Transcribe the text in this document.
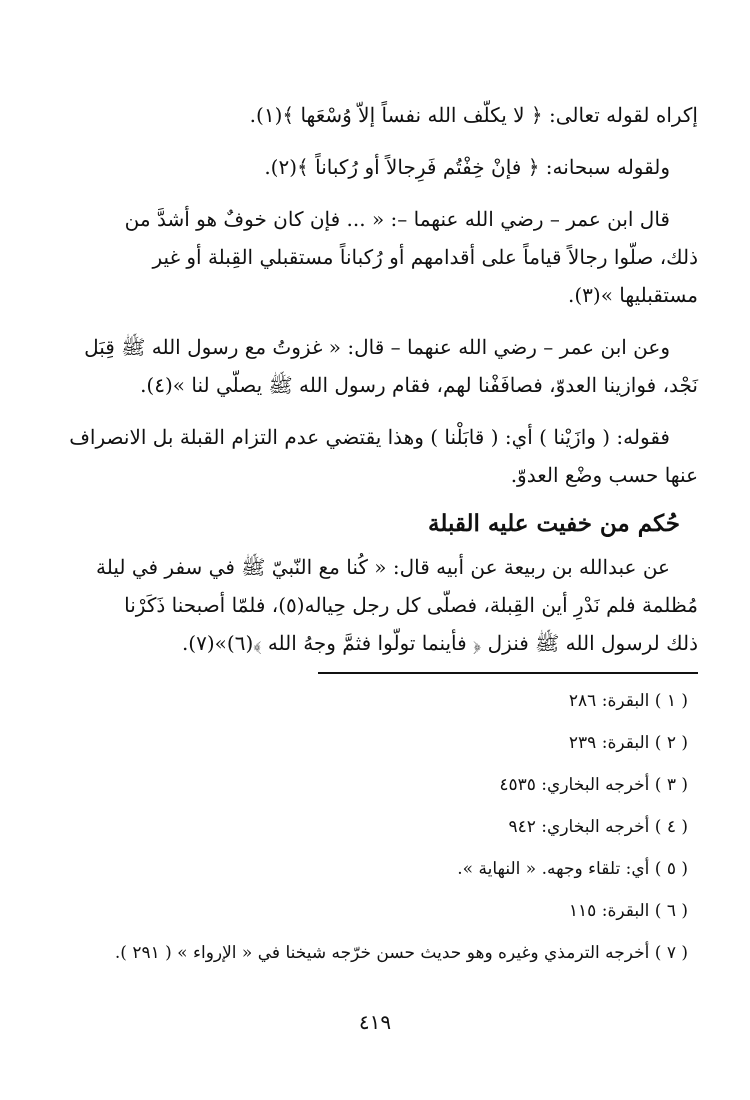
إكراه لقوله تعالى: ﴿ لا يكلّف الله نفساً إلاّ وُسْعَها ﴾(١).
ولقوله سبحانه: ﴿ فإنْ خِفْتُم فَرِجالاً أو رُكباناً ﴾(٢).
قال ابن عمر – رضي الله عنهما –: « ... فإن كان خوفٌ هو أشدَّ من
ذلك، صلّوا رجالاً قياماً على أقدامهم أو رُكباناً مستقبلي القِبلة أو غير
مستقبليها »(٣).
وعن ابن عمر – رضي الله عنهما – قال: « غزوتُ مع رسول الله ﷺ قِبَل
نَجْد، فوازينا العدوّ، فصافَفْنا لهم، فقام رسول الله ﷺ يصلّي لنا »(٤).
فقوله: ( وازَيْنا ) أي: ( قابَلْنا ) وهذا يقتضي عدم التزام القبلة بل الانصراف
عنها حسب وضْع العدوّ.
حُكم من خفيت عليه القبلة
عن عبدالله بن ربيعة عن أبيه قال: « كُنا مع النّبيّ ﷺ في سفر في ليلة
مُظلمة فلم نَدْرِ أين القِبلة، فصلّى كل رجل حِياله(٥)، فلمّا أصبحنا ذَكَرْنا
ذلك لرسول الله ﷺ فنزل ﴿ فأينما تولّوا فثمَّ وجهُ الله ﴾(٦)»(٧).
( ١ ) البقرة: ٢٨٦
( ٢ ) البقرة: ٢٣٩
( ٣ ) أخرجه البخاري: ٤٥٣٥
( ٤ ) أخرجه البخاري: ٩٤٢
( ٥ ) أي: تلقاء وجهه. « النهاية ».
( ٦ ) البقرة: ١١٥
( ٧ ) أخرجه الترمذي وغيره وهو حديث حسن خرّجه شيخنا في « الإرواء » ( ٢٩١ ).
٤١٩
